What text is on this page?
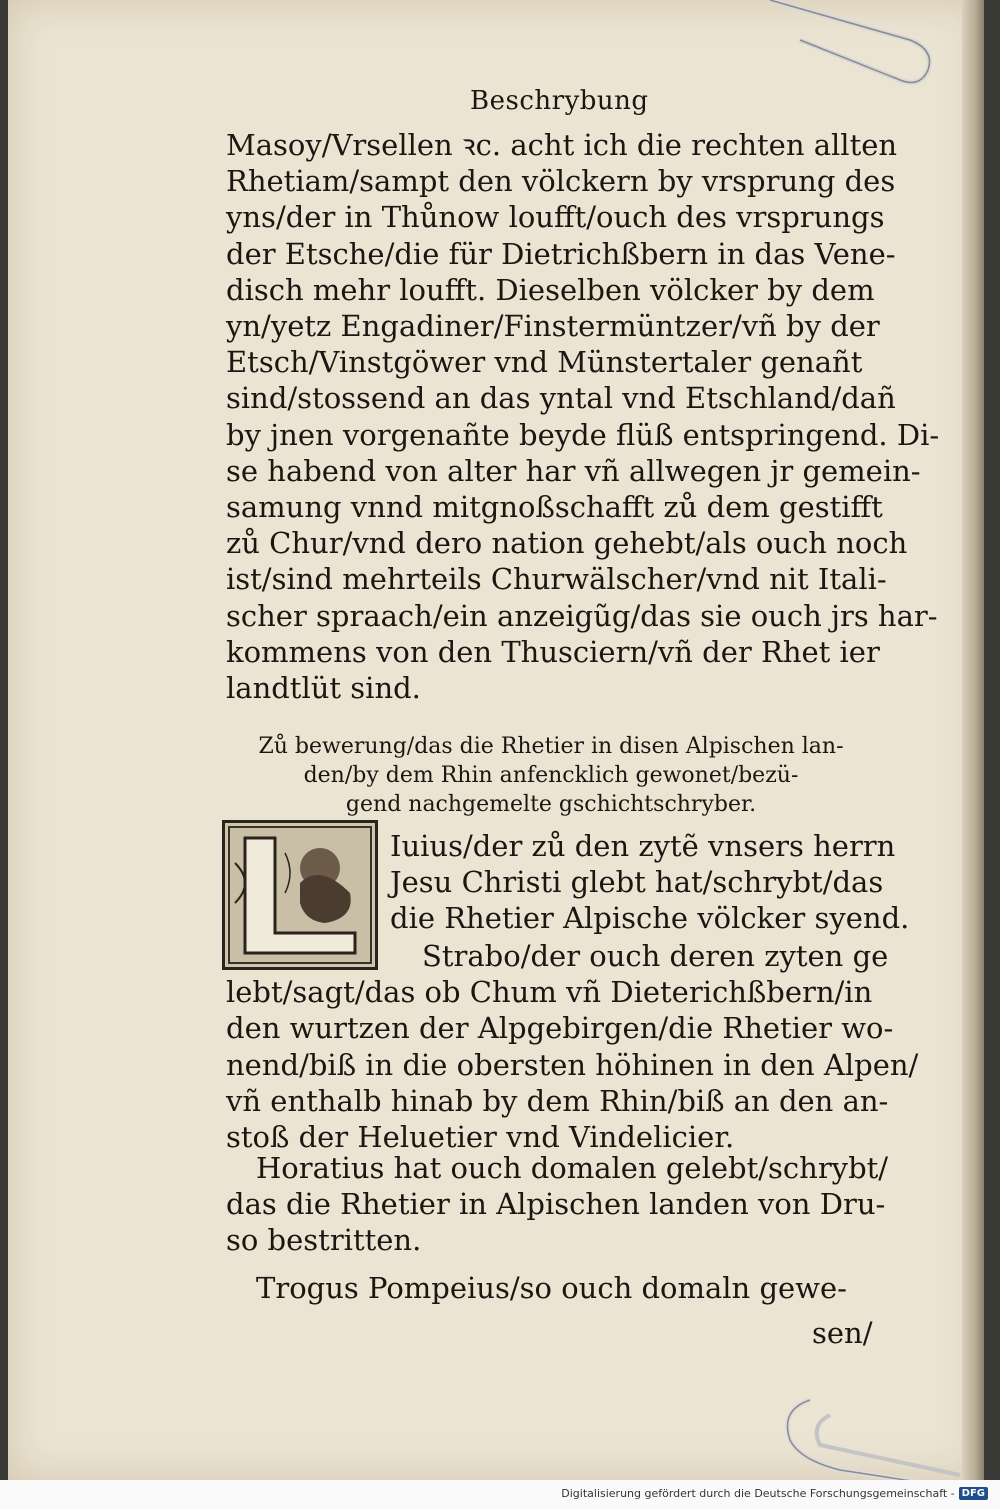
Beschrybung
Masoy/Vrsellen ꝛc. acht ich die rechten allten
Rhetiam/sampt den völckern by vrsprung des
yns/der in Thůnow loufft/ouch des vrsprungs
der Etsche/die für Dietrichßbern in das Vene-
disch mehr loufft. Dieselben völcker by dem
yn/yetz Engadiner/Finstermüntzer/vñ by der
Etsch/Vinstgöwer vnd Münstertaler genañt
sind/stossend an das yntal vnd Etschland/dañ
by jnen vorgenañte beyde flüß entspringend. Di-
se habend von alter har vñ allwegen jr gemein-
samung vnnd mitgnoßschafft zů dem gestifft
zů Chur/vnd dero nation gehebt/als ouch noch
ist/sind mehrteils Churwälscher/vnd nit Itali-
scher spraach/ein anzeigũg/das sie ouch jrs har-
kommens von den Thusciern/vñ der Rhet ier
landtlüt sind.
Zů bewerung/das die Rhetier in disen Alpischen lan-
den/by dem Rhin anfencklich gewonet/bezü-
gend nachgemelte gschichtschryber.
Iuius/der zů den zytẽ vnsers herrn
Jesu Christi glebt hat/schrybt/das
die Rhetier Alpische völcker syend.
Strabo/der ouch deren zyten ge
lebt/sagt/das ob Chum vñ Dieterichßbern/in
den wurtzen der Alpgebirgen/die Rhetier wo-
nend/biß in die obersten höhinen in den Alpen/
vñ enthalb hinab by dem Rhin/biß an den an-
stoß der Heluetier vnd Vindelicier.
Horatius hat ouch domalen gelebt/schrybt/
das die Rhetier in Alpischen landen von Dru-
so bestritten.
Trogus Pompeius/so ouch domaln gewe-
sen/
Digitalisierung gefördert durch die Deutsche Forschungsgemeinschaft - DFG
